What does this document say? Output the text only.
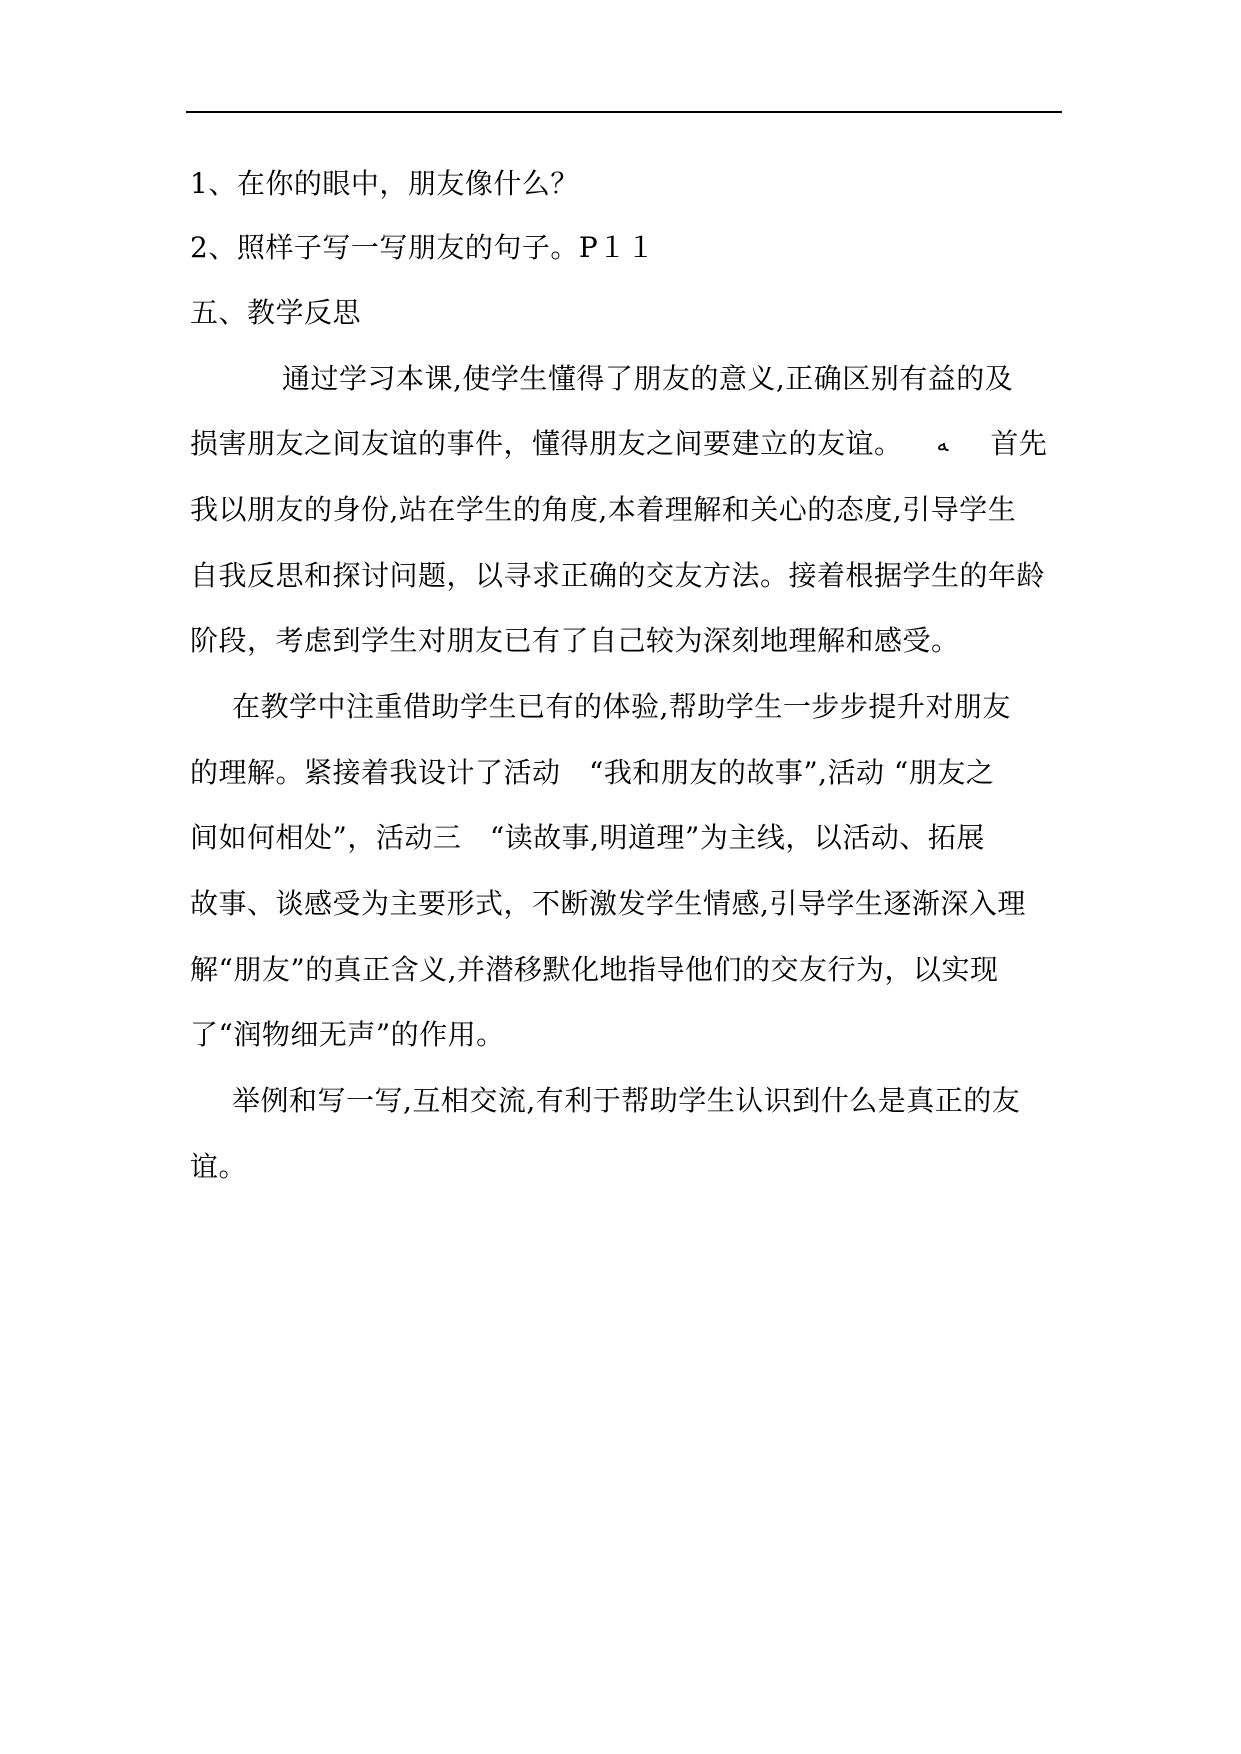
1、在你的眼中，朋友像什么？
2、照样子写一写朋友的句子。P１１
五、教学反思
通过学习本课,使学生懂得了朋友的意义,正确区别有益的及
损害朋友之间友谊的事件，懂得朋友之间要建立的友谊。 ﻪ 首先
我以朋友的身份,站在学生的角度,本着理解和关心的态度,引导学生
自我反思和探讨问题，以寻求正确的交友方法。接着根据学生的年龄
阶段，考虑到学生对朋友已有了自己较为深刻地理解和感受。
在教学中注重借助学生已有的体验,帮助学生一步步提升对朋友
的理解。紧接着我设计了活动　“我和朋友的故事”,活动 “朋友之
间如何相处”，活动三　“读故事,明道理”为主线，以活动、拓展
故事、谈感受为主要形式，不断激发学生情感,引导学生逐渐深入理
解“朋友”的真正含义,并潜移默化地指导他们的交友行为，以实现
了“润物细无声”的作用。
举例和写一写,互相交流,有利于帮助学生认识到什么是真正的友
谊。
